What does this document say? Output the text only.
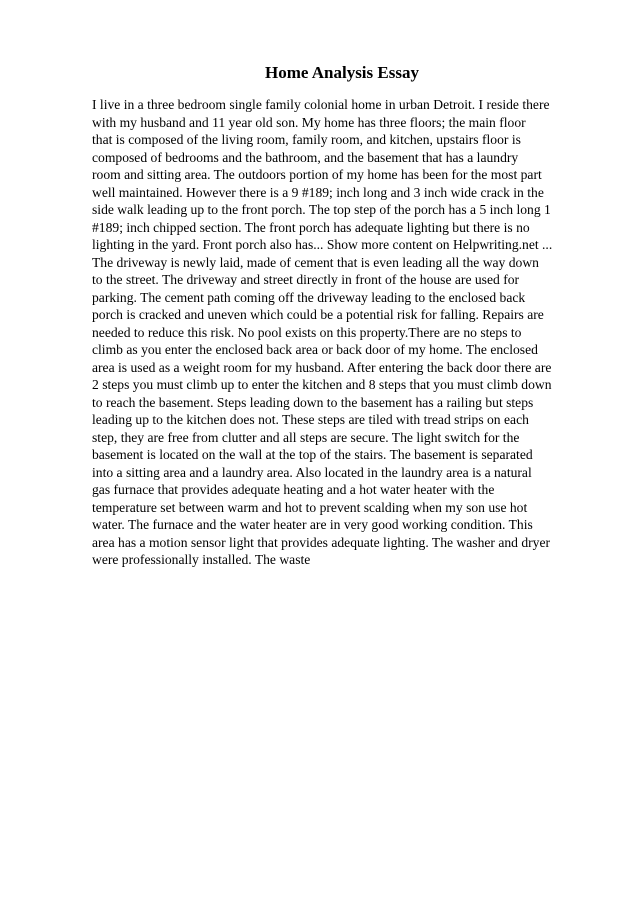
Home Analysis Essay
I live in a three bedroom single family colonial home in urban Detroit. I reside there
with my husband and 11 year old son. My home has three floors; the main floor
that is composed of the living room, family room, and kitchen, upstairs floor is
composed of bedrooms and the bathroom, and the basement that has a laundry
room and sitting area. The outdoors portion of my home has been for the most part
well maintained. However there is a 9 #189; inch long and 3 inch wide crack in the
side walk leading up to the front porch. The top step of the porch has a 5 inch long 1
#189; inch chipped section. The front porch has adequate lighting but there is no
lighting in the yard. Front porch also has... Show more content on Helpwriting.net ...
The driveway is newly laid, made of cement that is even leading all the way down
to the street. The driveway and street directly in front of the house are used for
parking. The cement path coming off the driveway leading to the enclosed back
porch is cracked and uneven which could be a potential risk for falling. Repairs are
needed to reduce this risk. No pool exists on this property.There are no steps to
climb as you enter the enclosed back area or back door of my home. The enclosed
area is used as a weight room for my husband. After entering the back door there are
2 steps you must climb up to enter the kitchen and 8 steps that you must climb down
to reach the basement. Steps leading down to the basement has a railing but steps
leading up to the kitchen does not. These steps are tiled with tread strips on each
step, they are free from clutter and all steps are secure. The light switch for the
basement is located on the wall at the top of the stairs. The basement is separated
into a sitting area and a laundry area. Also located in the laundry area is a natural
gas furnace that provides adequate heating and a hot water heater with the
temperature set between warm and hot to prevent scalding when my son use hot
water. The furnace and the water heater are in very good working condition. This
area has a motion sensor light that provides adequate lighting. The washer and dryer
were professionally installed. The waste
